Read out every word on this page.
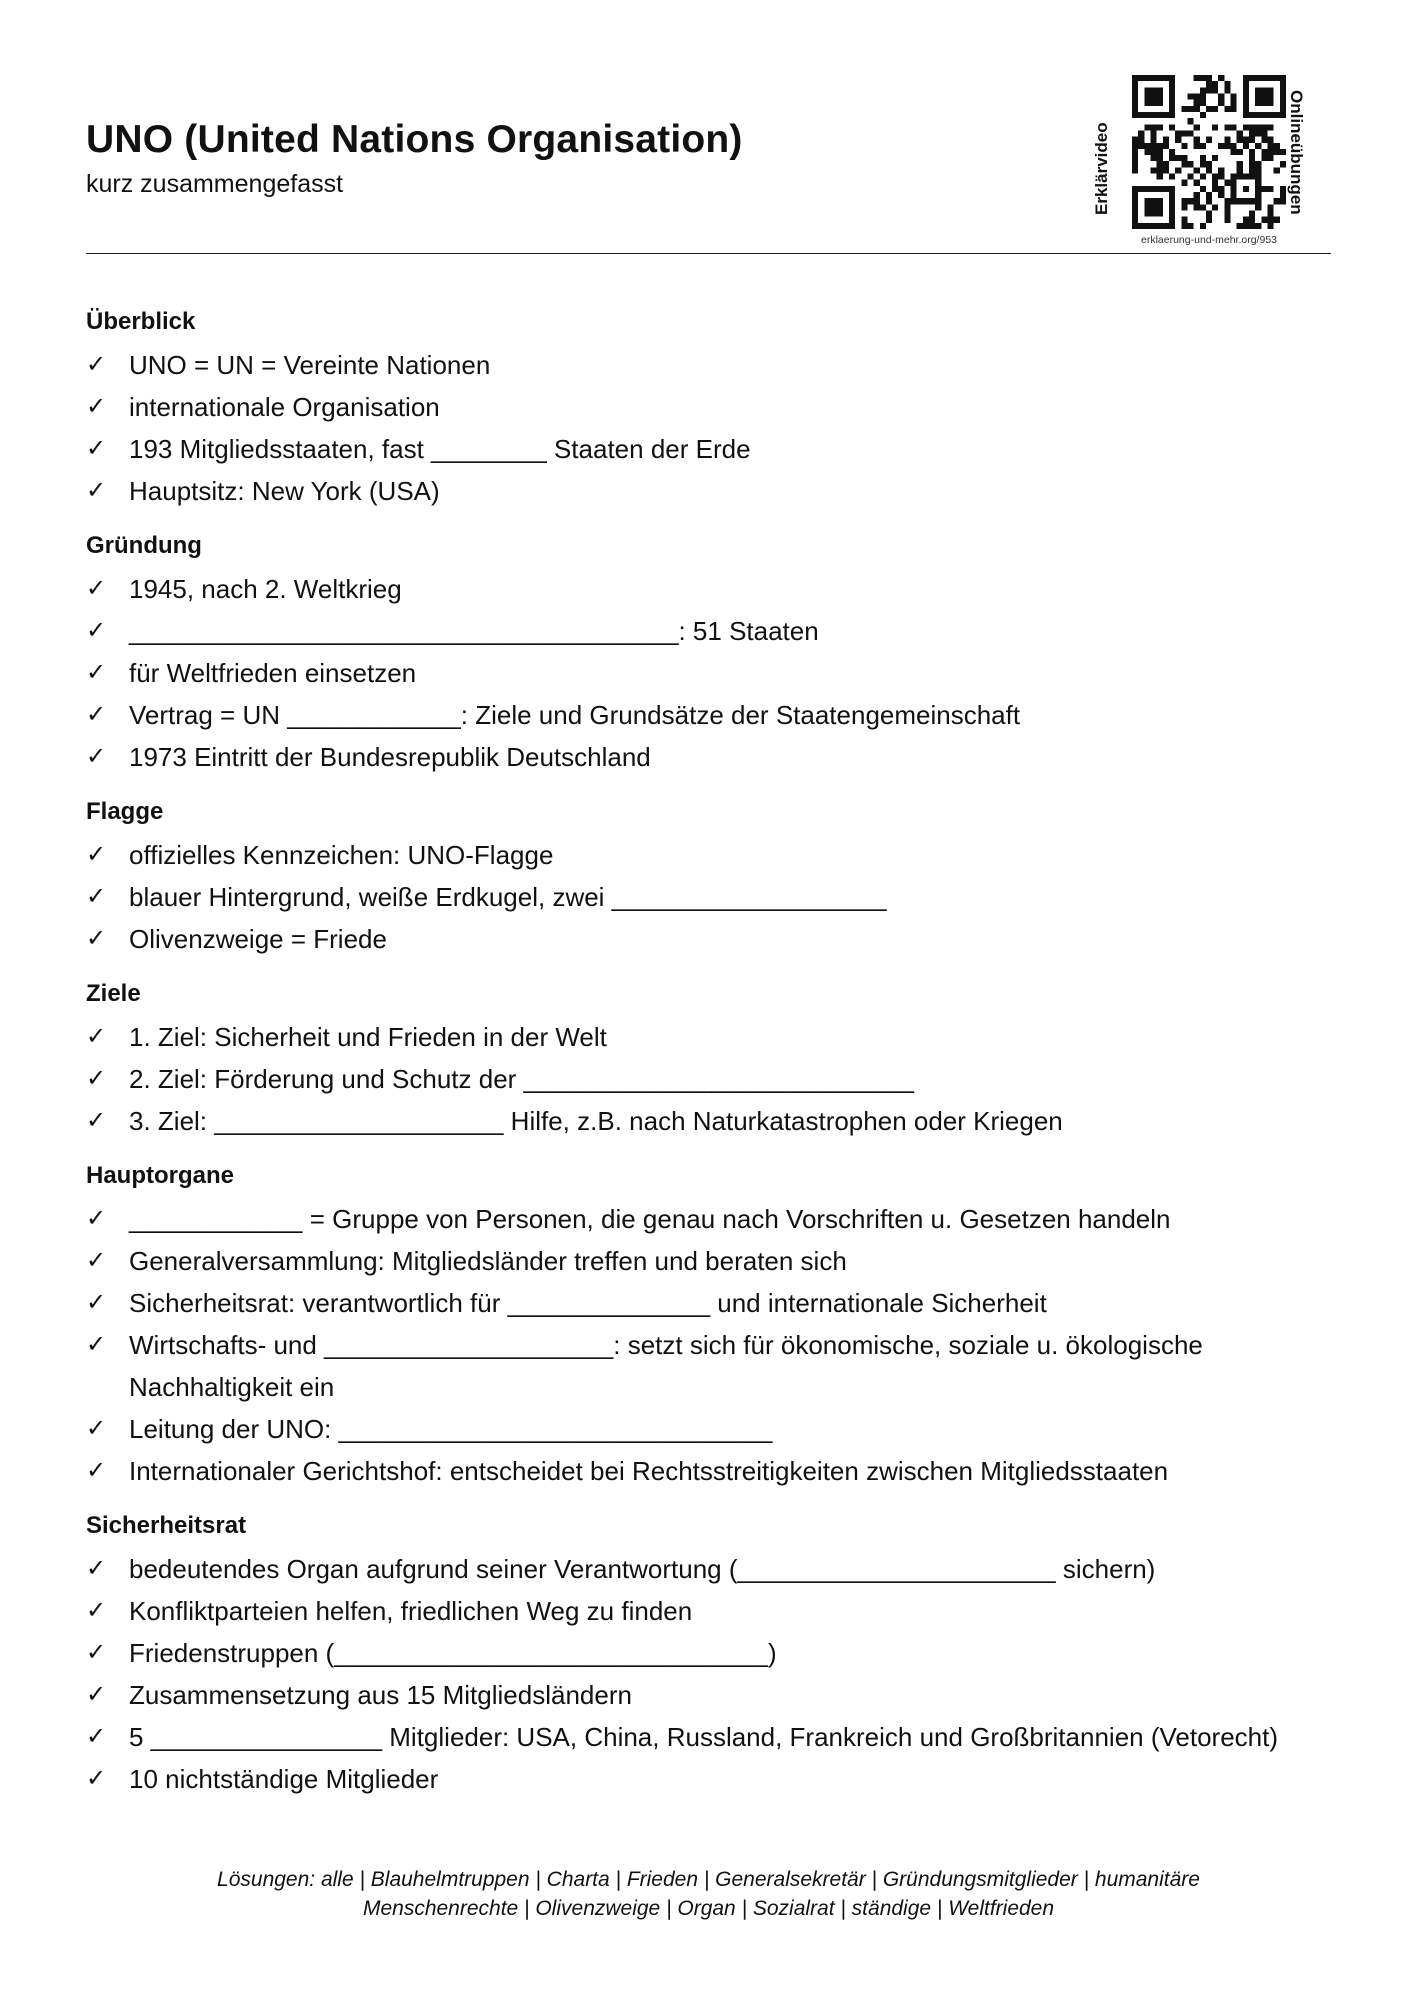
UNO (United Nations Organisation)
kurz zusammengefasst	Erklärvideo	Onlineübungen
erklaerung-und-mehr.org/953
Überblick
✓ UNO = UN = Vereinte Nationen
✓ internationale Organisation
✓ 193 Mitgliedsstaaten, fast ________ Staaten der Erde
✓ Hauptsitz: New York (USA)
Gründung
✓ 1945, nach 2. Weltkrieg
✓ ______________________________________: 51 Staaten
✓ für Weltfrieden einsetzen
✓ Vertrag = UN ____________: Ziele und Grundsätze der Staatengemeinschaft
✓ 1973 Eintritt der Bundesrepublik Deutschland
Flagge
✓ offizielles Kennzeichen: UNO-Flagge
✓ blauer Hintergrund, weiße Erdkugel, zwei ___________________
✓ Olivenzweige = Friede
Ziele
✓ 1. Ziel: Sicherheit und Frieden in der Welt
✓ 2. Ziel: Förderung und Schutz der ___________________________
✓ 3. Ziel: ____________________ Hilfe, z.B. nach Naturkatastrophen oder Kriegen
Hauptorgane
✓ ____________ = Gruppe von Personen, die genau nach Vorschriften u. Gesetzen handeln
✓ Generalversammlung: Mitgliedsländer treffen und beraten sich
✓ Sicherheitsrat: verantwortlich für ______________ und internationale Sicherheit
✓ Wirtschafts- und ____________________: setzt sich für ökonomische, soziale u. ökologische
Nachhaltigkeit ein
✓ Leitung der UNO: ______________________________
✓ Internationaler Gerichtshof: entscheidet bei Rechtsstreitigkeiten zwischen Mitgliedsstaaten
Sicherheitsrat
✓ bedeutendes Organ aufgrund seiner Verantwortung (______________________ sichern)
✓ Konfliktparteien helfen, friedlichen Weg zu finden
✓ Friedenstruppen (______________________________)
✓ Zusammensetzung aus 15 Mitgliedsländern
✓ 5 ________________ Mitglieder: USA, China, Russland, Frankreich und Großbritannien (Vetorecht)
✓ 10 nichtständige Mitglieder
Lösungen: alle | Blauhelmtruppen | Charta | Frieden | Generalsekretär | Gründungsmitglieder | humanitäre
Menschenrechte | Olivenzweige | Organ | Sozialrat | ständige | Weltfrieden
